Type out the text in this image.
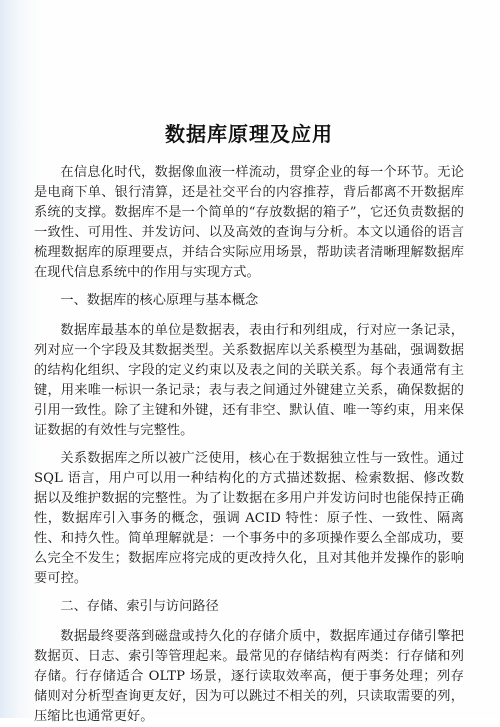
数据库原理及应用

在信息化时代，数据像血液一样流动，贯穿企业的每一个环节。无论是电商下单、银行清算，还是社交平台的内容推荐，背后都离不开数据库系统的支撑。数据库不是一个简单的“存放数据的箱子”，它还负责数据的一致性、可用性、并发访问、以及高效的查询与分析。本文以通俗的语言梳理数据库的原理要点，并结合实际应用场景，帮助读者清晰理解数据库在现代信息系统中的作用与实现方式。

一、数据库的核心原理与基本概念

数据库最基本的单位是数据表，表由行和列组成，行对应一条记录，列对应一个字段及其数据类型。关系数据库以关系模型为基础，强调数据的结构化组织、字段的定义约束以及表之间的关联关系。每个表通常有主键，用来唯一标识一条记录；表与表之间通过外键建立关系，确保数据的引用一致性。除了主键和外键，还有非空、默认值、唯一等约束，用来保证数据的有效性与完整性。

关系数据库之所以被广泛使用，核心在于数据独立性与一致性。通过 SQL 语言，用户可以用一种结构化的方式描述数据、检索数据、修改数据以及维护数据的完整性。为了让数据在多用户并发访问时也能保持正确性，数据库引入事务的概念，强调 ACID 特性：原子性、一致性、隔离性、和持久性。简单理解就是：一个事务中的多项操作要么全部成功，要么完全不发生；数据库应将完成的更改持久化，且对其他并发操作的影响要可控。

二、存储、索引与访问路径

数据最终要落到磁盘或持久化的存储介质中，数据库通过存储引擎把数据页、日志、索引等管理起来。最常见的存储结构有两类：行存储和列存储。行存储适合 OLTP 场景，逐行读取效率高，便于事务处理；列存储则对分析型查询更友好，因为可以跳过不相关的列，只读取需要的列，压缩比也通常更好。
